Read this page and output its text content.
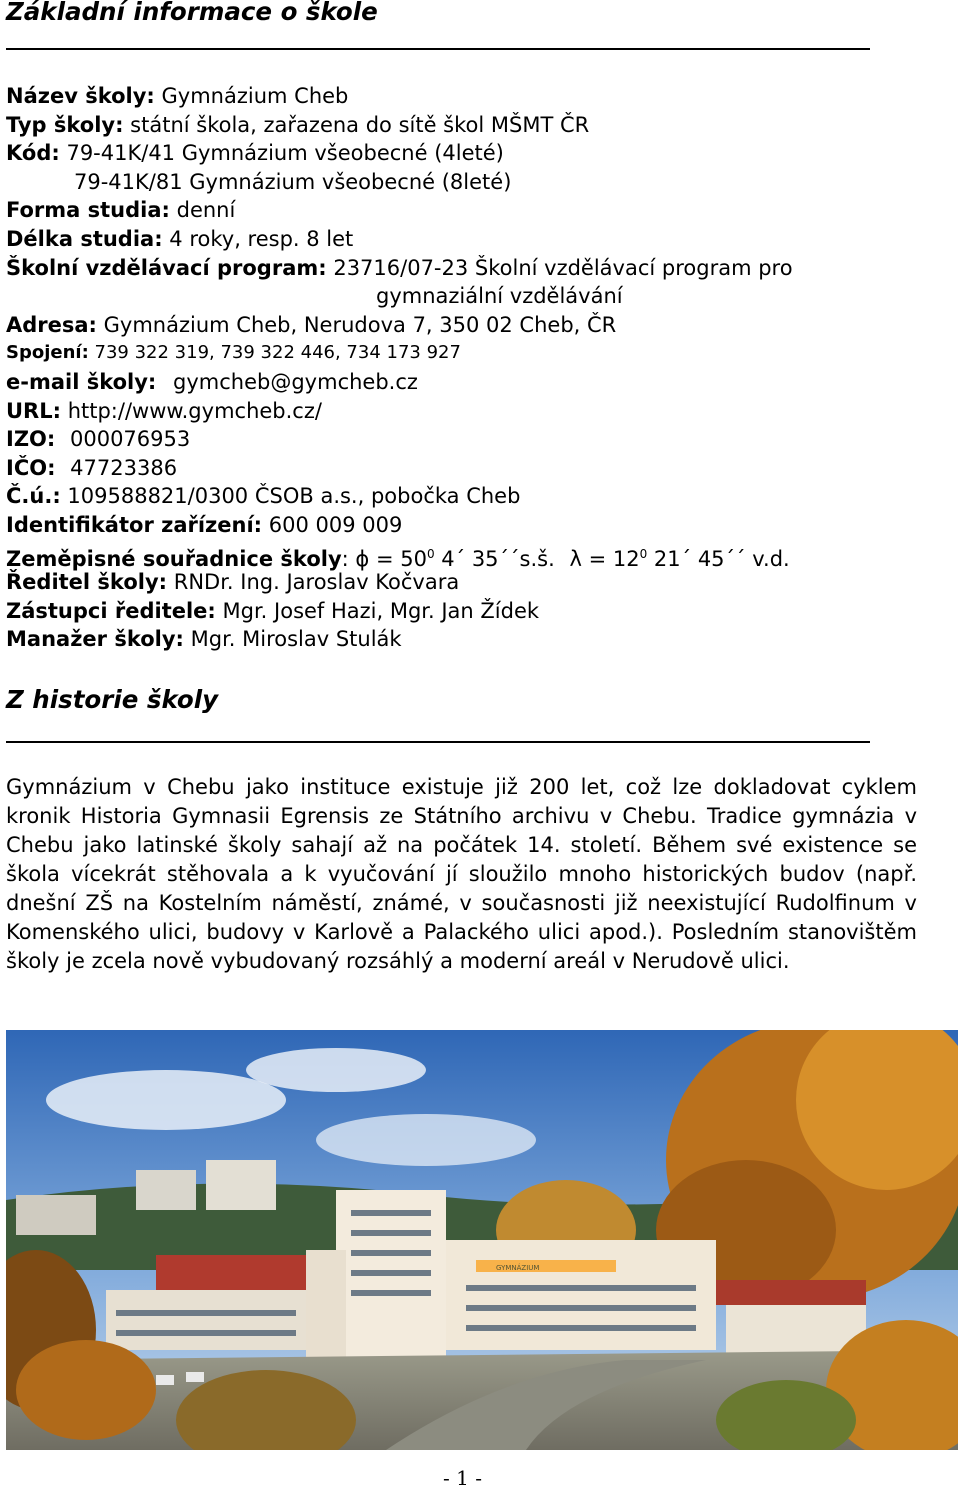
Základní informace o škole
Název školy: Gymnázium Cheb
Typ školy: státní škola, zařazena do sítě škol MŠMT ČR
Kód: 79-41K/41 Gymnázium všeobecné (4leté)
79-41K/81 Gymnázium všeobecné (8leté)
Forma studia: denní
Délka studia: 4 roky, resp. 8 let
Školní vzdělávací program: 23716/07-23 Školní vzdělávací program pro
gymnaziální vzdělávání
Adresa: Gymnázium Cheb, Nerudova 7, 350 02 Cheb, ČR
Spojení: 739 322 319, 739 322 446, 734 173 927
e-mail školy: gymcheb@gymcheb.cz
URL: http://www.gymcheb.cz/
IZO: 000076953
IČO: 47723386
Č.ú.: 109588821/0300 ČSOB a.s., pobočka Cheb
Identifikátor zařízení: 600 009 009
Zeměpisné souřadnice školy: $\phi = 50^0$ 4´ 35´´s.š. $\lambda = 12^0$ 21´ 45´´ v.d.
Ředitel školy: RNDr. Ing. Jaroslav Kočvara
Zástupci ředitele: Mgr. Josef Hazi, Mgr. Jan Žídek
Manažer školy: Mgr. Miroslav Stulák
Z historie školy

Gymnázium v Chebu jako instituce existuje již 200 let, což lze dokladovat cyklem kronik Historia Gymnasii Egrensis ze Státního archivu v Chebu. Tradice gymnázia v Chebu jako latinské školy sahají až na počátek 14. století. Během své existence se škola vícekrát stěhovala a k vyučování jí sloužilo mnoho historických budov (např. dnešní ZŠ na Kostelním náměstí, známé, v současnosti již neexistující Rudolfinum v Komenského ulici, budovy v Karlově a Palackého ulici apod.). Posledním stanovištěm školy je zcela nově vybudovaný rozsáhlý a moderní areál v Nerudově ulici.

GYMNÁZIUM
- 1 -
